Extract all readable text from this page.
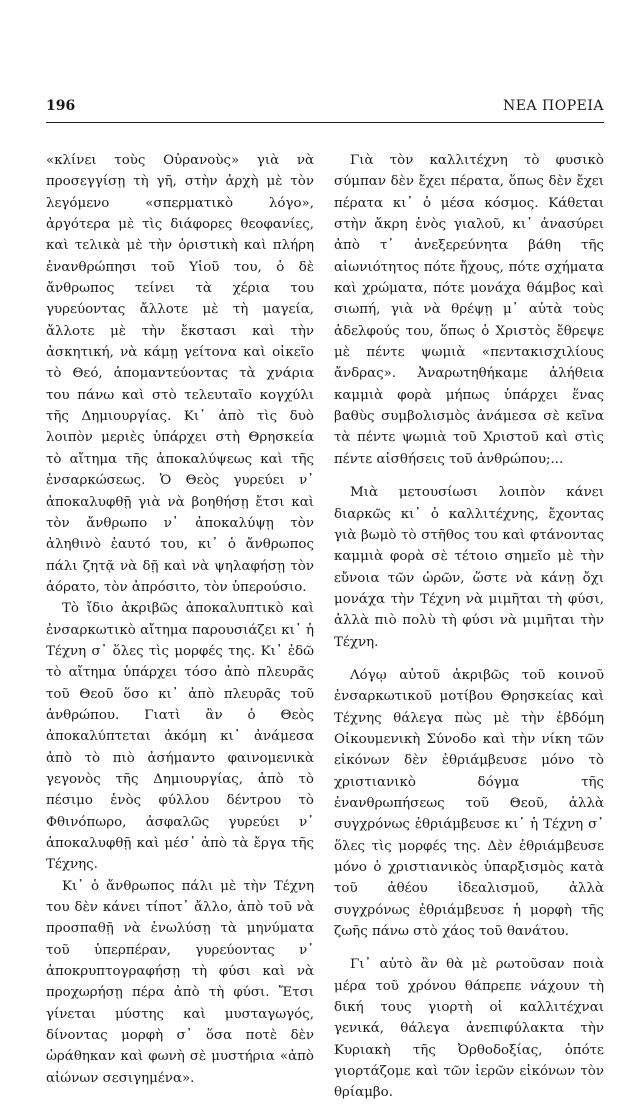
196	ΝΕΑ ΠΟΡΕΙΑ

«κλίνει τοὺς Οὐρανοὺς» γιὰ νὰ προσεγγίσῃ τὴ γῆ, στὴν ἀρχὴ μὲ τὸν λεγόμενο «σπερματικὸ λόγο», ἀργότερα μὲ τὶς διάφορες θεοφανίες, καὶ τελικὰ μὲ τὴν ὁριστικὴ καὶ πλήρη ἐνανθρώπησι τοῦ Υἱοῦ του, ὁ δὲ ἄνθρωπος τείνει τὰ χέρια του γυρεύοντας ἄλλοτε μὲ τὴ μαγεία, ἄλλοτε μὲ τὴν ἔκστασι καὶ τὴν ἀσκητική, νὰ κάμῃ γείτονα καὶ οἰκεῖο τὸ Θεό, ἀπομαντεύοντας τὰ χνάρια του πάνω καὶ στὸ τελευταῖο κογχύλι τῆς Δημιουργίας. Κι᾿ ἀπὸ τὶς δυὸ λοιπὸν μεριὲς ὑπάρχει στὴ Θρησκεία τὸ αἴτημα τῆς ἀποκαλύψεως καὶ τῆς ἐνσαρκώσεως. Ὁ Θεὸς γυρεύει ν᾿ ἀποκαλυφθῇ γιὰ νὰ βοηθήσῃ ἔτσι καὶ τὸν ἄνθρωπο ν᾿ ἀποκαλύψῃ τὸν ἀληθινὸ ἑαυτό του, κι᾿ ὁ ἄνθρωπος πάλι ζητᾷ νὰ δῇ καὶ νὰ ψηλαφήσῃ τὸν ἀόρατο, τὸν ἀπρόσιτο, τὸν ὑπερούσιο.

Τὸ ἴδιο ἀκριβῶς ἀποκαλυπτικὸ καὶ ἐνσαρκωτικὸ αἴτημα παρουσιάζει κι᾿ ἡ Τέχνη σ᾿ ὅλες τὶς μορφές της. Κι᾿ ἐδῶ τὸ αἴτημα ὑπάρχει τόσο ἀπὸ πλευρᾶς τοῦ Θεοῦ ὅσο κι᾿ ἀπὸ πλευρᾶς τοῦ ἀνθρώπου. Γιατὶ ἂν ὁ Θεὸς ἀποκαλύπτεται ἀκόμη κι᾿ ἀνάμεσα ἀπὸ τὸ πιὸ ἀσήμαντο φαινομενικὰ γεγονὸς τῆς Δημιουργίας, ἀπὸ τὸ πέσιμο ἑνὸς φύλλου δέντρου τὸ Φθινόπωρο, ἀσφαλῶς γυρεύει ν᾿ ἀποκαλυφθῇ καὶ μέσ᾿ ἀπὸ τὰ ἔργα τῆς Τέχνης.

Κι᾿ ὁ ἄνθρωπος πάλι μὲ τὴν Τέχνη του δὲν κάνει τίποτ᾿ ἄλλο, ἀπὸ τοῦ νὰ προσπαθῇ νὰ ἐνωλύσῃ τὰ μηνύματα τοῦ ὑπερπέραν, γυρεύοντας ν᾿ ἀποκρυπτογραφήσῃ τὴ φύσι καὶ νὰ προχωρήσῃ πέρα ἀπὸ τὴ φύσι. Ἔτσι γίνεται μύστης καὶ μυσταγωγός, δίνοντας μορφὴ σ᾿ ὅσα ποτὲ δὲν ὡράθηκαν καὶ φωνὴ σὲ μυστήρια «ἀπὸ αἰώνων σεσιγημένα».

Γιὰ τὸν καλλιτέχνη τὸ φυσικὸ σύμπαν δὲν ἔχει πέρατα, ὅπως δὲν ἔχει πέρατα κι᾿ ὁ μέσα κόσμος. Κάθεται στὴν ἄκρη ἑνὸς γιαλοῦ, κι᾿ ἀνασύρει ἀπὸ τ᾿ ἀνεξερεύνητα βάθη τῆς αἰωνιότητος πότε ἤχους, πότε σχήματα καὶ χρώματα, πότε μονάχα θάμβος καὶ σιωπή, γιὰ νὰ θρέψῃ μ᾿ αὐτὰ τοὺς ἀδελφούς του, ὅπως ὁ Χριστὸς ἔθρεψε μὲ πέντε ψωμιὰ «πεντακισχιλίους ἄνδρας». Ἀναρωτηθήκαμε ἀλήθεια καμμιὰ φορὰ μήπως ὑπάρχει ἕνας βαθὺς συμβολισμὸς ἀνάμεσα σὲ κεῖνα τὰ πέντε ψωμιὰ τοῦ Χριστοῦ καὶ στὶς πέντε αἰσθήσεις τοῦ ἀνθρώπου;...

Μιὰ μετουσίωσι λοιπὸν κάνει διαρκῶς κι᾿ ὁ καλλιτέχνης, ἔχοντας γιὰ βωμὸ τὸ στῆθος του καὶ φτάνοντας καμμιὰ φορὰ σὲ τέτοιο σημεῖο μὲ τὴν εὔνοια τῶν ὡρῶν, ὥστε νὰ κάνῃ ὄχι μονάχα τὴν Τέχνη νὰ μιμῆται τὴ φύσι, ἀλλὰ πιὸ πολὺ τὴ φύσι νὰ μιμῆται τὴν Τέχνη.

Λόγῳ αὐτοῦ ἀκριβῶς τοῦ κοινοῦ ἐνσαρκωτικοῦ μοτίβου Θρησκείας καὶ Τέχνης θάλεγα πὼς μὲ τὴν ἑβδόμη Οἰκουμενικὴ Σύνοδο καὶ τὴν νίκη τῶν εἰκόνων δὲν ἐθριάμβευσε μόνο τὸ χριστιανικὸ δόγμα τῆς ἐνανθρωπήσεως τοῦ Θεοῦ, ἀλλὰ συγχρόνως ἐθριάμβευσε κι᾿ ἡ Τέχνη σ᾿ ὅλες τὶς μορφές της. Δὲν ἐθριάμβευσε μόνο ὁ χριστιανικὸς ὑπαρξισμὸς κατὰ τοῦ ἀθέου ἰδεαλισμοῦ, ἀλλὰ συγχρόνως ἐθριάμβευσε ἡ μορφὴ τῆς ζωῆς πάνω στὸ χάος τοῦ θανάτου.

Γι᾿ αὐτὸ ἂν θὰ μὲ ρωτοῦσαν ποιὰ μέρα τοῦ χρόνου θάπρεπε νάχουν τὴ δική τους γιορτὴ οἱ καλλιτέχναι γενικά, θάλεγα ἀνεπιφύλακτα τὴν Κυριακὴ τῆς Ὀρθοδοξίας, ὁπότε γιορτάζομε καὶ τῶν ἱερῶν εἰκόνων τὸν θρίαμβο.
